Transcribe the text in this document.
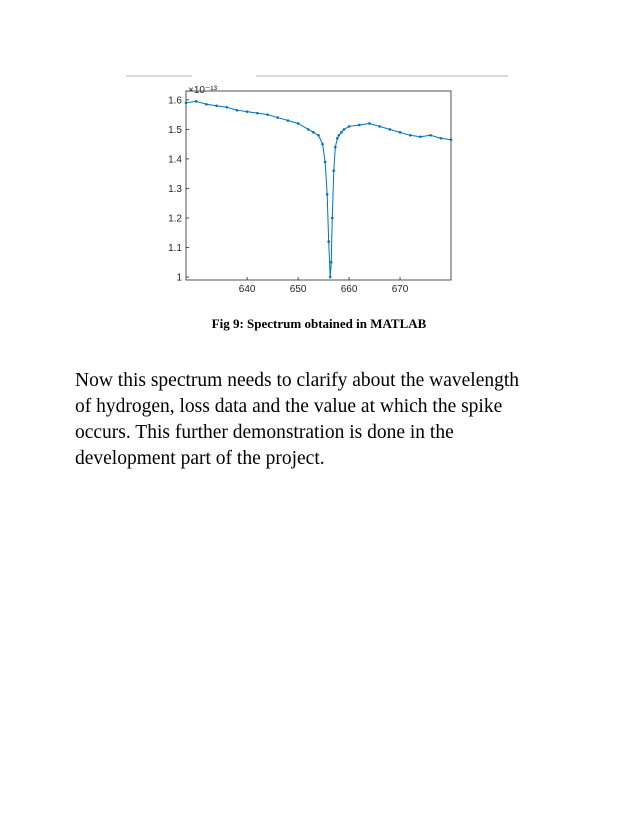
×10⁻¹³
1
1.1
1.2
1.3
1.4
1.5
1.6
640	650	660	670
Fig 9: Spectrum obtained in MATLAB
Now this spectrum needs to clarify about the wavelength
of hydrogen, loss data and the value at which the spike
occurs. This further demonstration is done in the
development part of the project.
